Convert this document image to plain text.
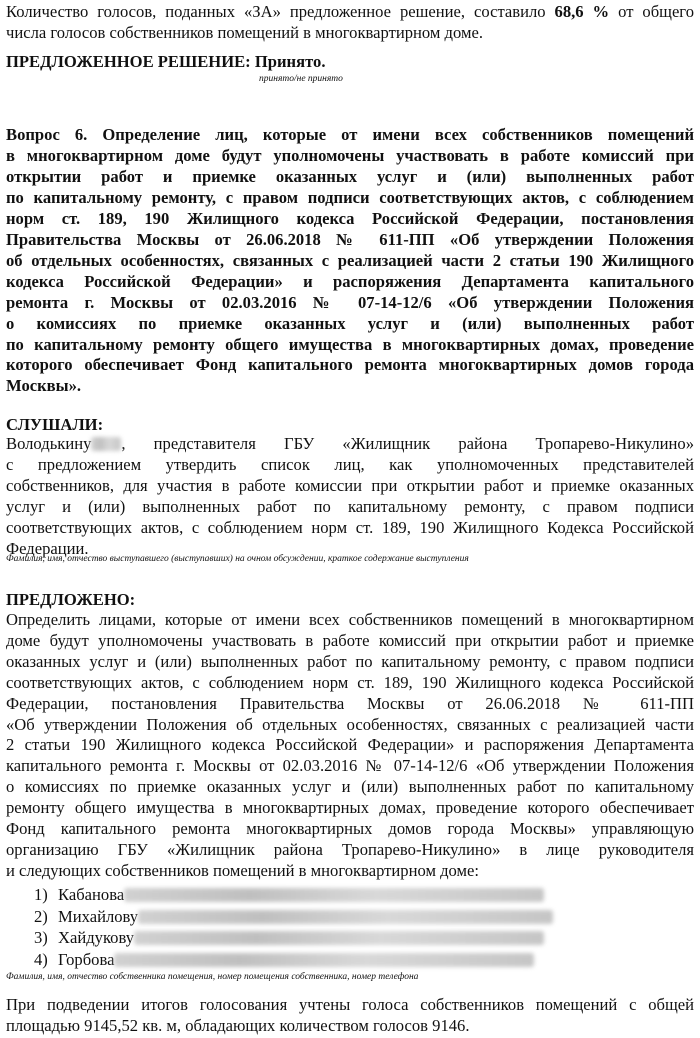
Количество голосов, поданных «ЗА» предложенное решение, составило 68,6 % от общего
числа голосов собственников помещений в многоквартирном доме.
ПРЕДЛОЖЕННОЕ РЕШЕНИЕ: Принято.
принято/не принято
Вопрос 6. Определение лиц, которые от имени всех собственников помещений
в многоквартирном доме будут уполномочены участвовать в работе комиссий при
открытии работ и приемке оказанных услуг и (или) выполненных работ
по капитальному ремонту, с правом подписи соответствующих актов, с соблюдением
норм ст. 189, 190 Жилищного кодекса Российской Федерации, постановления
Правительства Москвы от 26.06.2018 № 611-ПП «Об утверждении Положения
об отдельных особенностях, связанных с реализацией части 2 статьи 190 Жилищного
кодекса Российской Федерации» и распоряжения Департамента капитального
ремонта г. Москвы от 02.03.2016 № 07-14-12/6 «Об утверждении Положения
о комиссиях по приемке оказанных услуг и (или) выполненных работ
по капитальному ремонту общего имущества в многоквартирных домах, проведение
которого обеспечивает Фонд капитального ремонта многоквартирных домов города
Москвы».
СЛУШАЛИ:
Володькину , представителя ГБУ «Жилищник района Тропарево-Никулино»
с предложением утвердить список лиц, как уполномоченных представителей
собственников, для участия в работе комиссии при открытии работ и приемке оказанных
услуг и (или) выполненных работ по капитальному ремонту, с правом подписи
соответствующих актов, с соблюдением норм ст. 189, 190 Жилищного Кодекса Российской
Федерации.
Фамилия, имя, отчество выступавшего (выступавших) на очном обсуждении, краткое содержание выступления
ПРЕДЛОЖЕНО:
Определить лицами, которые от имени всех собственников помещений в многоквартирном
доме будут уполномочены участвовать в работе комиссий при открытии работ и приемке
оказанных услуг и (или) выполненных работ по капитальному ремонту, с правом подписи
соответствующих актов, с соблюдением норм ст. 189, 190 Жилищного кодекса Российской
Федерации, постановления Правительства Москвы от 26.06.2018 № 611-ПП
«Об утверждении Положения об отдельных особенностях, связанных с реализацией части
2 статьи 190 Жилищного кодекса Российской Федерации» и распоряжения Департамента
капитального ремонта г. Москвы от 02.03.2016 № 07-14-12/6 «Об утверждении Положения
о комиссиях по приемке оказанных услуг и (или) выполненных работ по капитальному
ремонту общего имущества в многоквартирных домах, проведение которого обеспечивает
Фонд капитального ремонта многоквартирных домов города Москвы» управляющую
организацию ГБУ «Жилищник района Тропарево-Никулино» в лице руководителя
и следующих собственников помещений в многоквартирном доме:
1) Кабанова
2) Михайлову
3) Хайдукову
4) Горбова
Фамилия, имя, отчество собственника помещения, номер помещения собственника, номер телефона
При подведении итогов голосования учтены голоса собственников помещений с общей
площадью 9145,52 кв. м, обладающих количеством голосов 9146.
